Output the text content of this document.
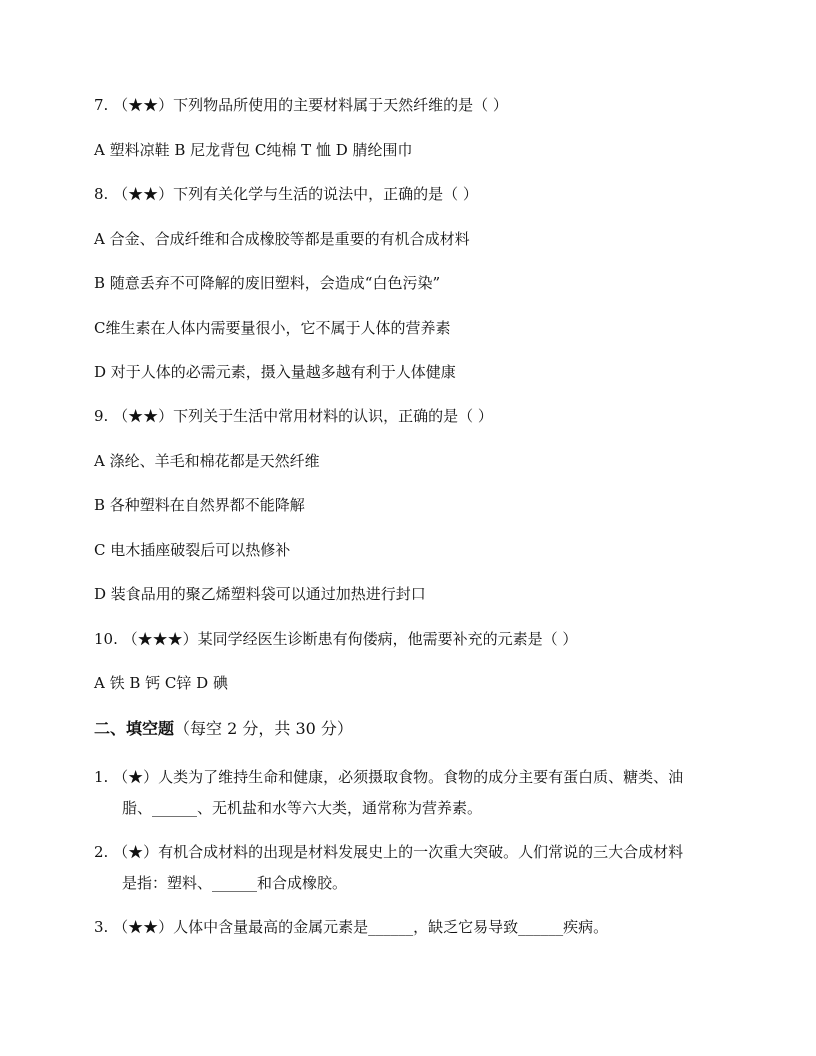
7. （★★）下列物品所使用的主要材料属于天然纤维的是（ ）
A 塑料凉鞋 B 尼龙背包 C纯棉 T 恤 D 腈纶围巾
8. （★★）下列有关化学与生活的说法中，正确的是（ ）
A 合金、合成纤维和合成橡胶等都是重要的有机合成材料
B 随意丢弃不可降解的废旧塑料，会造成“白色污染”
C维生素在人体内需要量很小，它不属于人体的营养素
D 对于人体的必需元素，摄入量越多越有利于人体健康
9. （★★）下列关于生活中常用材料的认识，正确的是（ ）
A 涤纶、羊毛和棉花都是天然纤维
B 各种塑料在自然界都不能降解
C 电木插座破裂后可以热修补
D 装食品用的聚乙烯塑料袋可以通过加热进行封口
10. （★★★）某同学经医生诊断患有佝偻病，他需要补充的元素是（ ）
A 铁 B 钙 C锌 D 碘
二、填空题（每空 2 分，共 30 分）
1. （★）人类为了维持生命和健康，必须摄取食物。食物的成分主要有蛋白质、糖类、油
脂、______、无机盐和水等六大类，通常称为营养素。
2. （★）有机合成材料的出现是材料发展史上的一次重大突破。人们常说的三大合成材料
是指：塑料、______和合成橡胶。
3. （★★）人体中含量最高的金属元素是______，缺乏它易导致______疾病。
